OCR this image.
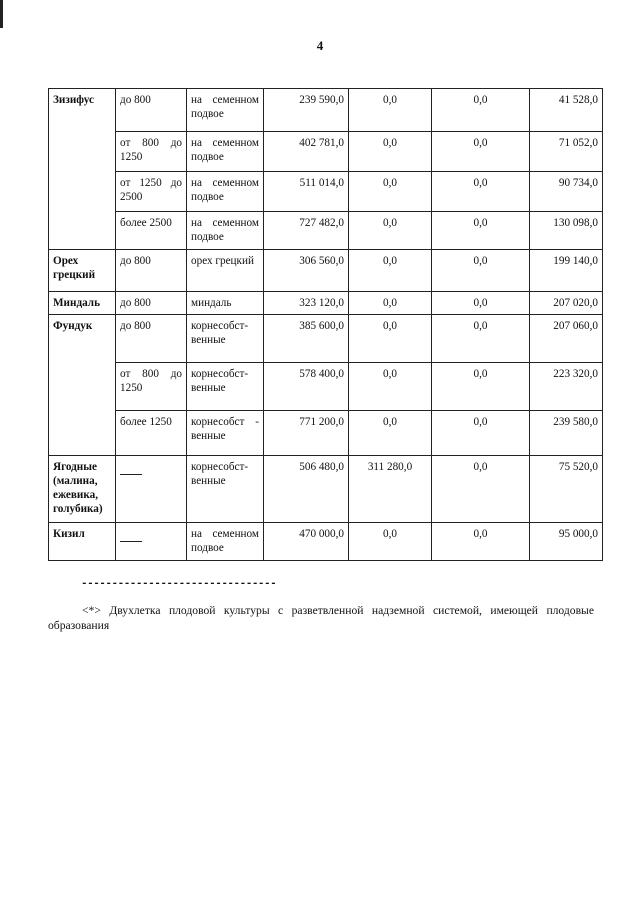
4
Зизифус	до 800	на семенном подвое	239 590,0	0,0	0,0	41 528,0
	от 800 до 1250	на семенном подвое	402 781,0	0,0	0,0	71 052,0
	от 1250 до 2500	на семенном подвое	511 014,0	0,0	0,0	90 734,0
	более 2500	на семенном подвое	727 482,0	0,0	0,0	130 098,0
Орех грецкий	до 800	орех грецкий	306 560,0	0,0	0,0	199 140,0
Миндаль	до 800	миндаль	323 120,0	0,0	0,0	207 020,0
Фундук	до 800	корнесобст-венные	385 600,0	0,0	0,0	207 060,0
	от 800 до 1250	корнесобст-венные	578 400,0	0,0	0,0	223 320,0
	более 1250	корнесобст - венные	771 200,0	0,0	0,0	239 580,0
Ягодные (малина, ежевика, голубика)		корнесобст-венные	506 480,0	311 280,0	0,0	75 520,0
Кизил		на семенном подвое	470 000,0	0,0	0,0	95 000,0
--------------------------------
<*> Двухлетка плодовой культуры с разветвленной надземной системой, имеющей плодовые образования
